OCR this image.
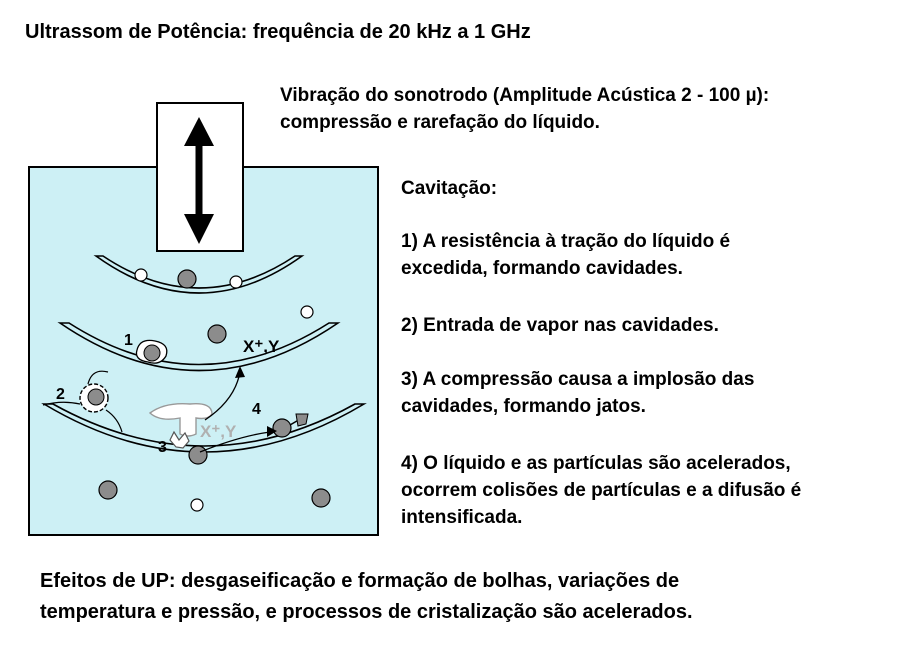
Ultrassom de Potência: frequência de 20 kHz a 1 GHz
Vibração do sonotrodo (Amplitude Acústica 2 - 100 µ):
compressão e rarefação do líquido.
Cavitação:
1) A resistência à tração do líquido é
excedida, formando cavidades.
2) Entrada de vapor nas cavidades.
3) A compressão causa a implosão das
cavidades, formando jatos.
4) O líquido e as partículas são acelerados,
ocorrem colisões de partículas e a difusão é
intensificada.
Efeitos de UP: desgaseificação e formação de bolhas, variações de
temperatura e pressão, e processos de cristalização são acelerados.
1
2
3
4
X⁺,Y
X⁺,Y
